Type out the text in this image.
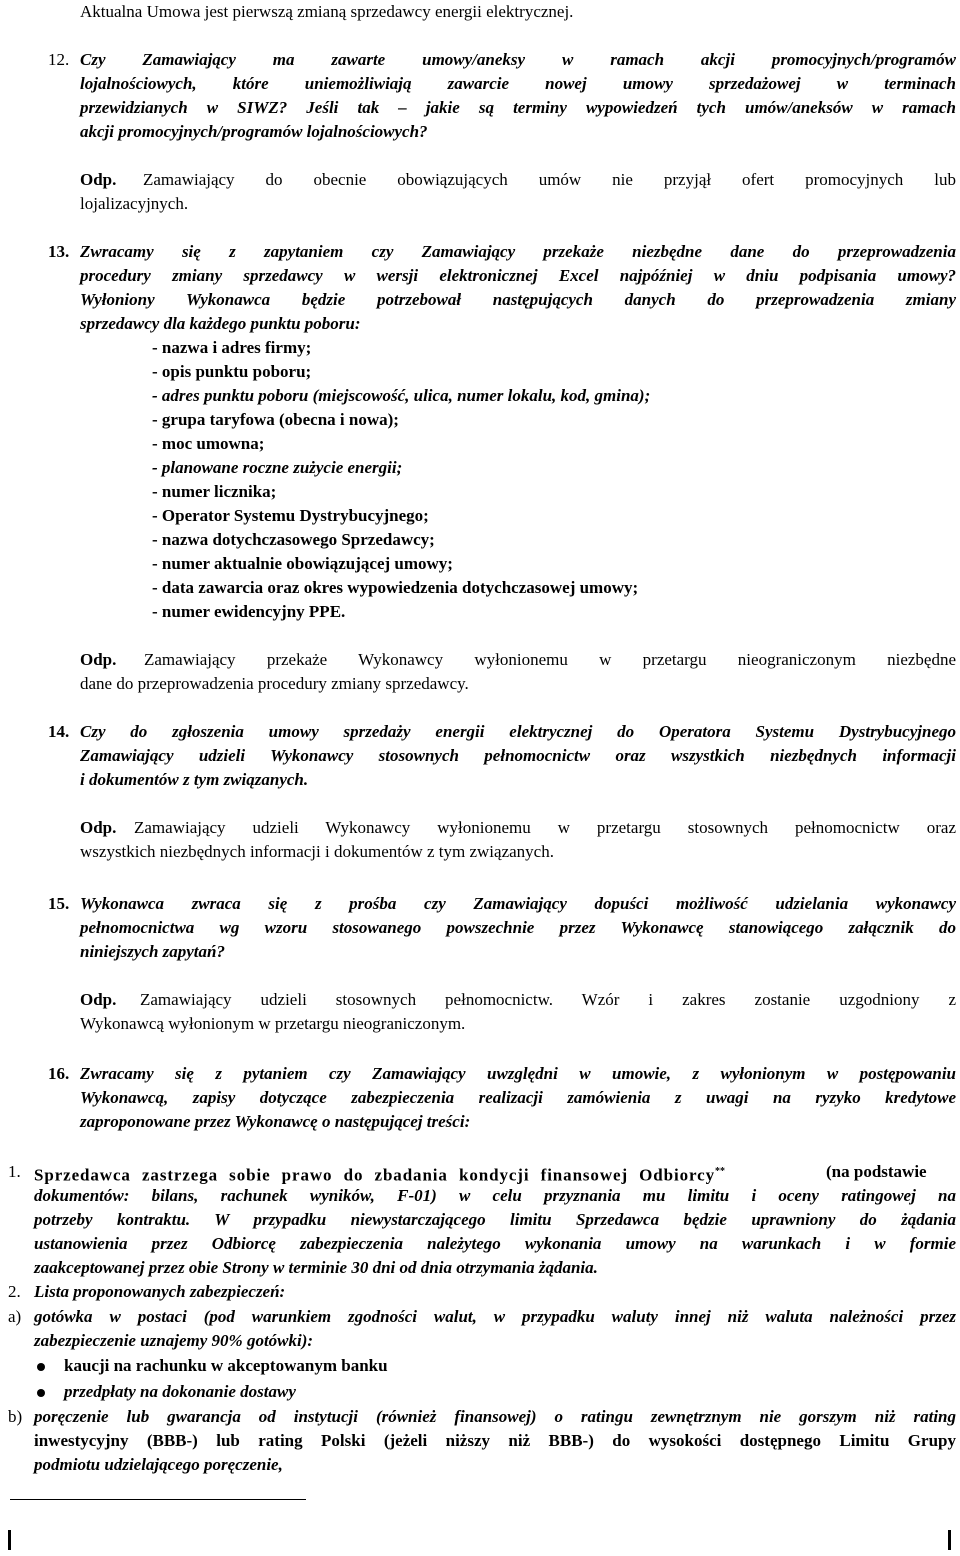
Aktualna Umowa jest pierwszą zmianą sprzedawcy energii elektrycznej.
12. Czy Zamawiający ma zawarte umowy/aneksy w ramach akcji promocyjnych/programów
lojalnościowych, które uniemożliwiają zawarcie nowej umowy sprzedażowej w terminach
przewidzianych w SIWZ? Jeśli tak – jakie są terminy wypowiedzeń tych umów/aneksów w ramach
akcji promocyjnych/programów lojalnościowych?
Odp. Zamawiający do obecnie obowiązujących umów nie przyjął ofert promocyjnych lub
lojalizacyjnych.
13. Zwracamy się z zapytaniem czy Zamawiający przekaże niezbędne dane do przeprowadzenia
procedury zmiany sprzedawcy w wersji elektronicznej Excel najpóźniej w dniu podpisania umowy?
Wyłoniony Wykonawca będzie potrzebował następujących danych do przeprowadzenia zmiany
sprzedawcy dla każdego punktu poboru:
- nazwa i adres firmy;
- opis punktu poboru;
- adres punktu poboru (miejscowość, ulica, numer lokalu, kod, gmina);
- grupa taryfowa (obecna i nowa);
- moc umowna;
- planowane roczne zużycie energii;
- numer licznika;
- Operator Systemu Dystrybucyjnego;
- nazwa dotychczasowego Sprzedawcy;
- numer aktualnie obowiązującej umowy;
- data zawarcia oraz okres wypowiedzenia dotychczasowej umowy;
- numer ewidencyjny PPE.
Odp. Zamawiający przekaże Wykonawcy wyłonionemu w przetargu nieograniczonym niezbędne
dane do przeprowadzenia procedury zmiany sprzedawcy.
14. Czy do zgłoszenia umowy sprzedaży energii elektrycznej do Operatora Systemu Dystrybucyjnego
Zamawiający udzieli Wykonawcy stosownych pełnomocnictw oraz wszystkich niezbędnych informacji
i dokumentów z tym związanych.
Odp. Zamawiający udzieli Wykonawcy wyłonionemu w przetargu stosownych pełnomocnictw oraz
wszystkich niezbędnych informacji i dokumentów z tym związanych.
15. Wykonawca zwraca się z prośba czy Zamawiający dopuści możliwość udzielania wykonawcy
pełnomocnictwa wg wzoru stosowanego powszechnie przez Wykonawcę stanowiącego załącznik do
niniejszych zapytań?
Odp. Zamawiający udzieli stosownych pełnomocnictw. Wzór i zakres zostanie uzgodniony z
Wykonawcą wyłonionym w przetargu nieograniczonym.
16. Zwracamy się z pytaniem czy Zamawiający uwzględni w umowie, z wyłonionym w postępowaniu
Wykonawcą, zapisy dotyczące zabezpieczenia realizacji zamówienia z uwagi na ryzyko kredytowe
zaproponowane przez Wykonawcę o następującej treści:
1. Sprzedawca zastrzega sobie prawo do zbadania kondycji finansowej Odbiorcy**	(na podstawie
dokumentów: bilans, rachunek wyników, F-01) w celu przyznania mu limitu i oceny ratingowej na
potrzeby kontraktu. W przypadku niewystarczającego limitu Sprzedawca będzie uprawniony do żądania
ustanowienia przez Odbiorcę zabezpieczenia należytego wykonania umowy na warunkach i w formie
zaakceptowanej przez obie Strony w terminie 30 dni od dnia otrzymania żądania.
2. Lista proponowanych zabezpieczeń:
a) gotówka w postaci (pod warunkiem zgodności walut, w przypadku waluty innej niż waluta należności przez
zabezpieczenie uznajemy 90% gotówki):
kaucji na rachunku w akceptowanym banku
przedpłaty na dokonanie dostawy
b) poręczenie lub gwarancja od instytucji (również finansowej) o ratingu zewnętrznym nie gorszym niż rating
inwestycyjny (BBB-) lub rating Polski (jeżeli niższy niż BBB-) do wysokości dostępnego Limitu Grupy
podmiotu udzielającego poręczenie,
